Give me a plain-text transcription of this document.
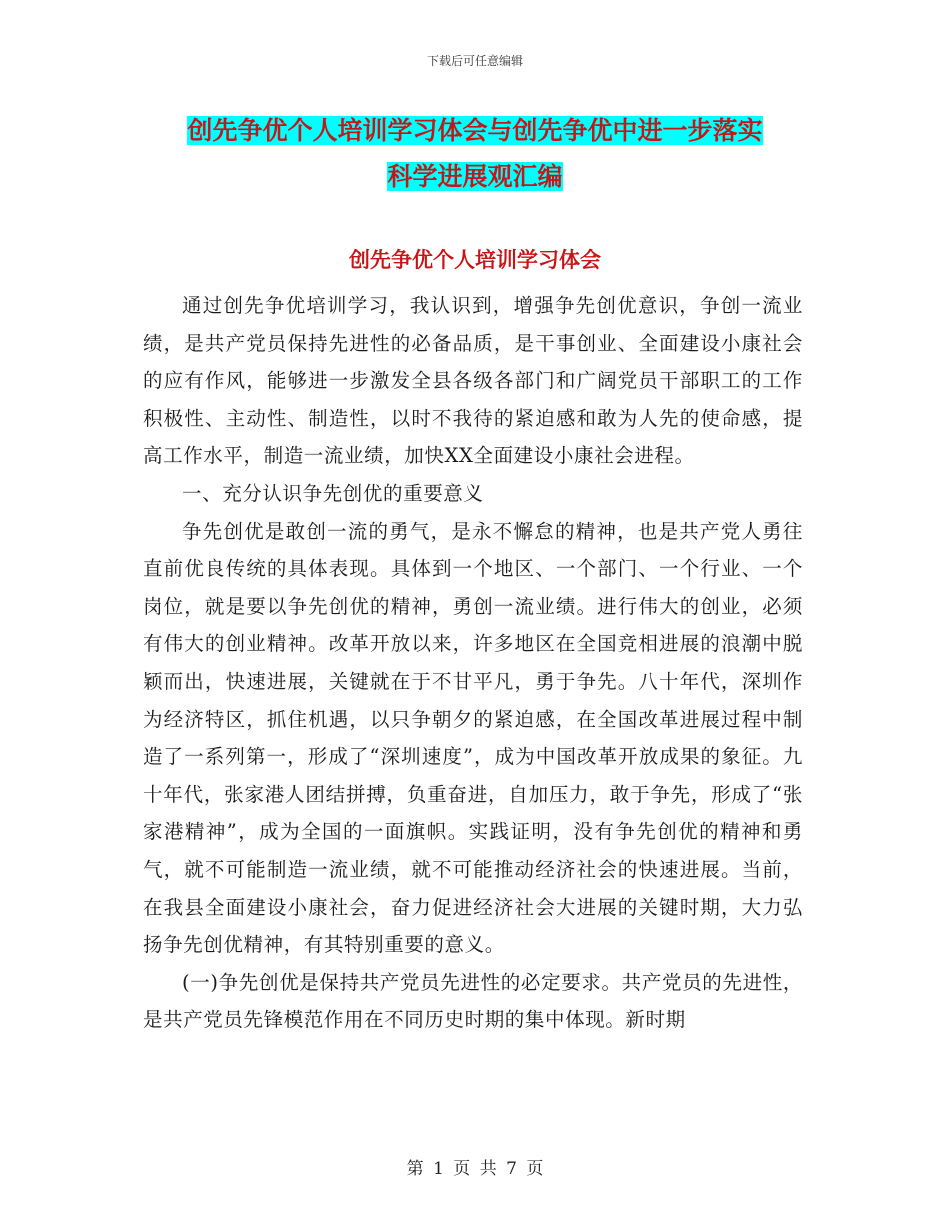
下载后可任意编辑
创先争优个人培训学习体会与创先争优中进一步落实
科学进展观汇编
创先争优个人培训学习体会

通过创先争优培训学习，我认识到，增强争先创优意识，争创一流业绩，是共产党员保持先进性的必备品质，是干事创业、全面建设小康社会的应有作风，能够进一步激发全县各级各部门和广阔党员干部职工的工作积极性、主动性、制造性，以时不我待的紧迫感和敢为人先的使命感，提高工作水平，制造一流业绩，加快XX全面建设小康社会进程。

一、充分认识争先创优的重要意义

争先创优是敢创一流的勇气，是永不懈怠的精神，也是共产党人勇往直前优良传统的具体表现。具体到一个地区、一个部门、一个行业、一个岗位，就是要以争先创优的精神，勇创一流业绩。进行伟大的创业，必须有伟大的创业精神。改革开放以来，许多地区在全国竞相进展的浪潮中脱颖而出，快速进展，关键就在于不甘平凡，勇于争先。八十年代，深圳作为经济特区，抓住机遇，以只争朝夕的紧迫感，在全国改革进展过程中制造了一系列第一，形成了“深圳速度”，成为中国改革开放成果的象征。九十年代，张家港人团结拼搏，负重奋进，自加压力，敢于争先，形成了“张家港精神”，成为全国的一面旗帜。实践证明，没有争先创优的精神和勇气，就不可能制造一流业绩，就不可能推动经济社会的快速进展。当前，在我县全面建设小康社会，奋力促进经济社会大进展的关键时期，大力弘扬争先创优精神，有其特别重要的意义。

(一)争先创优是保持共产党员先进性的必定要求。共产党员的先进性，是共产党员先锋模范作用在不同历史时期的集中体现。新时期

第 1 页 共 7 页
